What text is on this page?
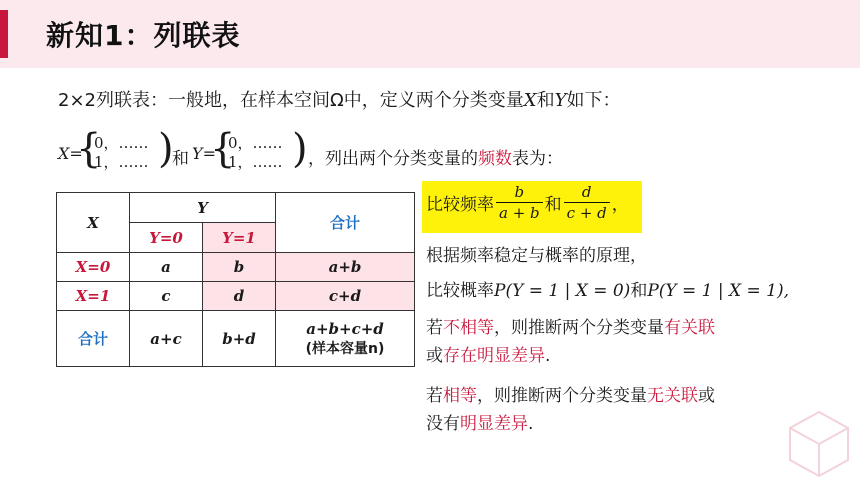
新知1：列联表
2×2列联表：一般地，在样本空间Ω中，定义两个分类变量X和Y如下：
X=
{
0，……
1，…… )
和 Y=
{
0，……
1，…… ) ，列出两个分类变量的频数表为：
X	Y		合计
	Y=0	Y=1	
X=0	a	b	a+b
X=1	c	d	c+d
合计	a+c	b+d	a+b+c+d
(样本容量n)
比较频率 $\frac{b}{a + b}$ 和 $\frac{d}{c + d}$ ，
根据频率稳定与概率的原理，
比较概率P(Y = 1 | X = 0)和P(Y = 1 | X = 1),
若不相等，则推断两个分类变量有关联
或存在明显差异.
若相等，则推断两个分类变量无关联或
没有明显差异.
